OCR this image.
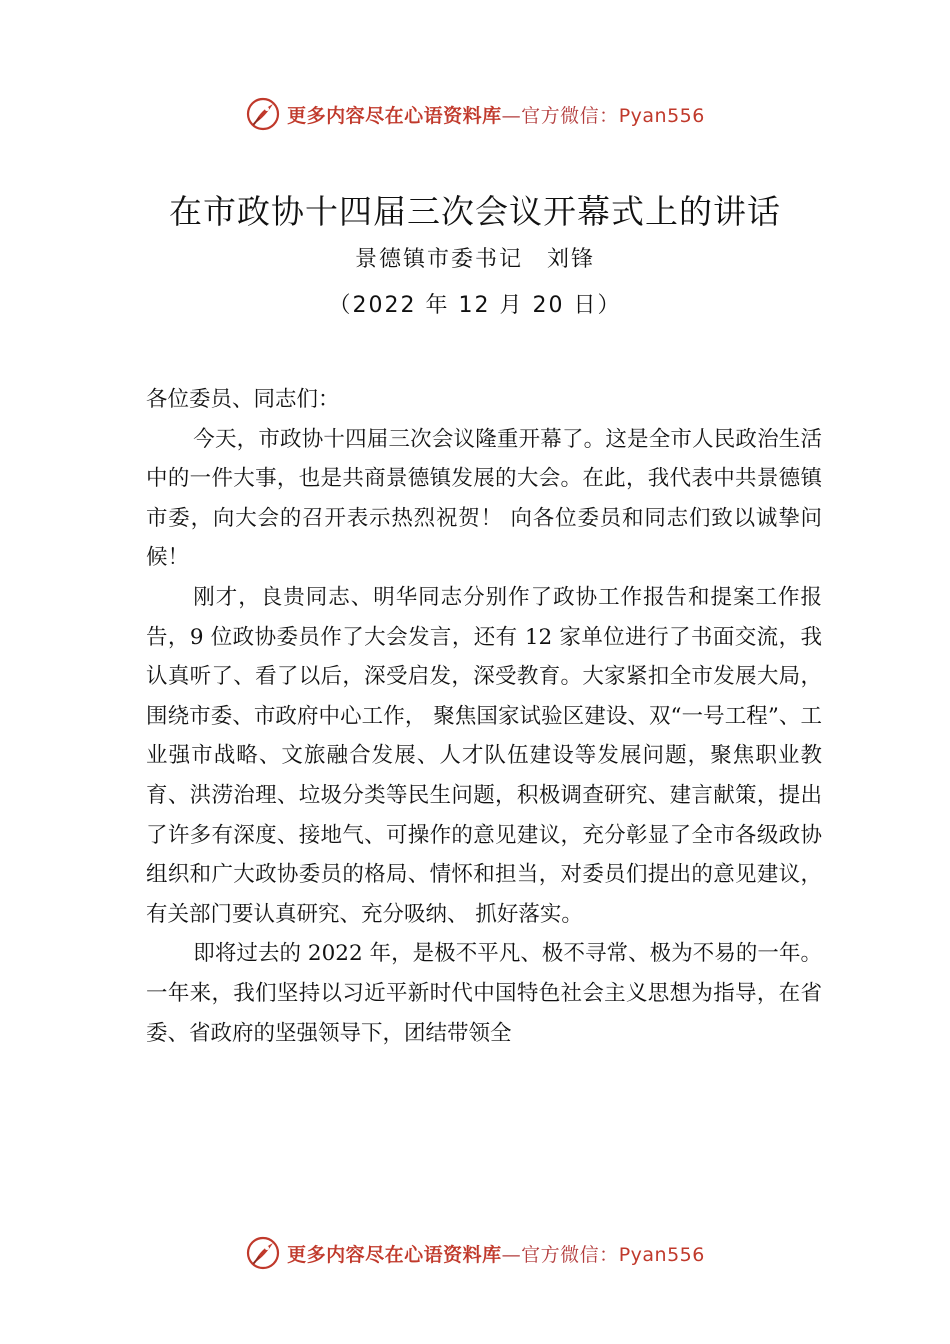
更多内容尽在心语资料库—官方微信：Pyan556
在市政协十四届三次会议开幕式上的讲话
景德镇市委书记　刘锋
（2022 年 12 月 20 日）

各位委员、同志们：

今天，市政协十四届三次会议隆重开幕了。这是全市人民政治生活中的一件大事，也是共商景德镇发展的大会。在此，我代表中共景德镇市委，向大会的召开表示热烈祝贺！ 向各位委员和同志们致以诚挚问候！

刚才，良贵同志、明华同志分别作了政协工作报告和提案工作报告，9 位政协委员作了大会发言，还有 12 家单位进行了书面交流，我认真听了、看了以后，深受启发，深受教育。大家紧扣全市发展大局，围绕市委、市政府中心工作， 聚焦国家试验区建设、双“一号工程”、工业强市战略、文旅融合发展、人才队伍建设等发展问题，聚焦职业教育、洪涝治理、垃圾分类等民生问题，积极调查研究、建言献策，提出了许多有深度、接地气、可操作的意见建议，充分彰显了全市各级政协组织和广大政协委员的格局、情怀和担当，对委员们提出的意见建议，有关部门要认真研究、充分吸纳、 抓好落实。

即将过去的 2022 年，是极不平凡、极不寻常、极为不易的一年。一年来，我们坚持以习近平新时代中国特色社会主义思想为指导，在省委、省政府的坚强领导下，团结带领全

更多内容尽在心语资料库—官方微信：Pyan556
